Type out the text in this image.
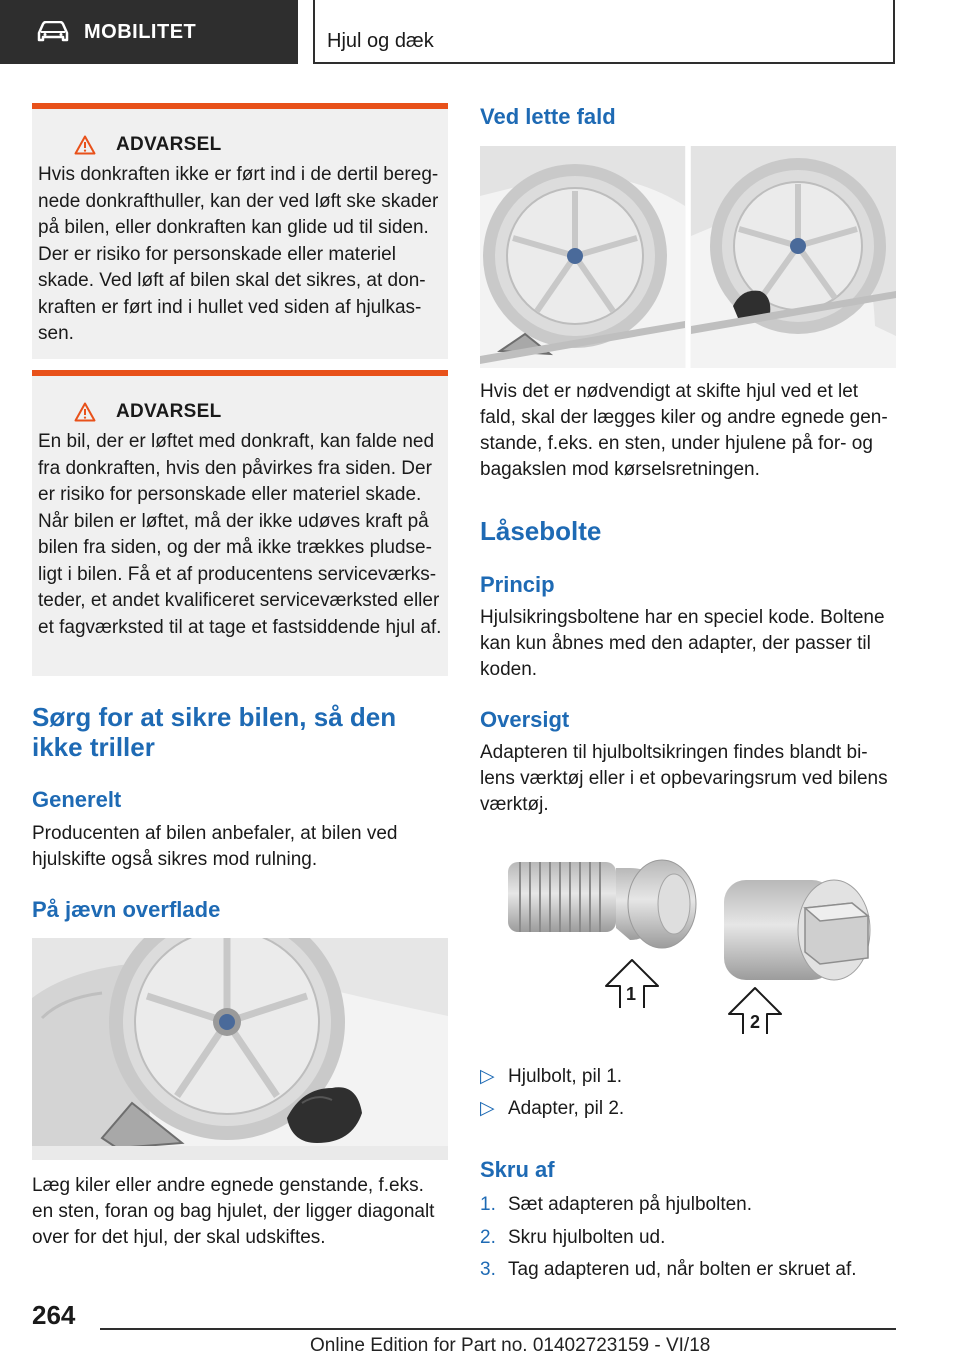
MOBILITET	Hjul og dæk
ADVARSEL
Hvis donkraften ikke er ført ind i de dertil bereg-nede donkrafthuller, kan der ved løft ske skader på bilen, eller donkraften kan glide ud til siden. Der er risiko for personskade eller materiel skade. Ved løft af bilen skal det sikres, at don-kraften er ført ind i hullet ved siden af hjulkas-sen.
ADVARSEL
En bil, der er løftet med donkraft, kan falde ned fra donkraften, hvis den påvirkes fra siden. Der er risiko for personskade eller materiel skade. Når bilen er løftet, må der ikke udøves kraft på bilen fra siden, og der må ikke trækkes pludse-ligt i bilen. Få et af producentens serviceværks-teder, et andet kvalificeret serviceværksted eller et fagværksted til at tage et fastsiddende hjul af.
Sørg for at sikre bilen, så den ikke triller
Generelt
Producenten af bilen anbefaler, at bilen ved hjulskifte også sikres mod rulning.
På jævn overflade
Læg kiler eller andre egnede genstande, f.eks. en sten, foran og bag hjulet, der ligger diagonalt over for det hjul, der skal udskiftes.
Ved lette fald
Hvis det er nødvendigt at skifte hjul ved et let fald, skal der lægges kiler og andre egnede gen-stande, f.eks. en sten, under hjulene på for- og bagakslen mod kørselsretningen.
Låsebolte
Princip
Hjulsikringsboltene har en speciel kode. Boltene kan kun åbnes med den adapter, der passer til koden.
Oversigt
Adapteren til hjulboltsikringen findes blandt bi-lens værktøj eller i et opbevaringsrum ved bilens værktøj.
1
2
▷ Hjulbolt, pil 1.
▷ Adapter, pil 2.
Skru af
1. Sæt adapteren på hjulbolten.
2. Skru hjulbolten ud.
3. Tag adapteren ud, når bolten er skruet af.
264
Online Edition for Part no. 01402723159 - VI/18
